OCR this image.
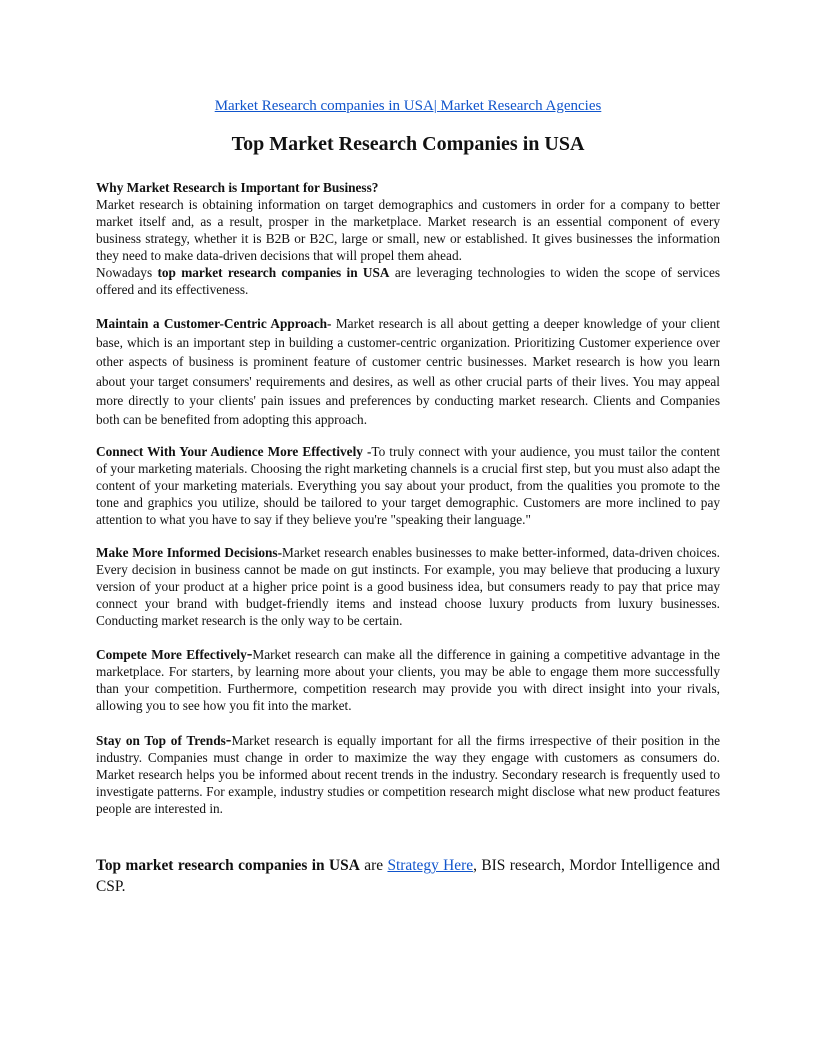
Market Research companies in USA| Market Research Agencies

Top Market Research Companies in USA

Why Market Research is Important for Business?
Market research is obtaining information on target demographics and customers in order for a company to better market itself and, as a result, prosper in the marketplace. Market research is an essential component of every business strategy, whether it is B2B or B2C, large or small, new or established. It gives businesses the information they need to make data-driven decisions that will propel them ahead.
Nowadays top market research companies in USA are leveraging technologies to widen the scope of services offered and its effectiveness.

Maintain a Customer-Centric Approach- Market research is all about getting a deeper knowledge of your client base, which is an important step in building a customer-centric organization. Prioritizing Customer experience over other aspects of business is prominent feature of customer centric businesses. Market research is how you learn about your target consumers' requirements and desires, as well as other crucial parts of their lives. You may appeal more directly to your clients' pain issues and preferences by conducting market research. Clients and Companies both can be benefited from adopting this approach.

Connect With Your Audience More Effectively -To truly connect with your audience, you must tailor the content of your marketing materials. Choosing the right marketing channels is a crucial first step, but you must also adapt the content of your marketing materials. Everything you say about your product, from the qualities you promote to the tone and graphics you utilize, should be tailored to your target demographic. Customers are more inclined to pay attention to what you have to say if they believe you're "speaking their language."

Make More Informed Decisions-Market research enables businesses to make better-informed, data-driven choices. Every decision in business cannot be made on gut instincts. For example, you may believe that producing a luxury version of your product at a higher price point is a good business idea, but consumers ready to pay that price may connect your brand with budget-friendly items and instead choose luxury products from luxury businesses. Conducting market research is the only way to be certain.

Compete More Effectively-Market research can make all the difference in gaining a competitive advantage in the marketplace. For starters, by learning more about your clients, you may be able to engage them more successfully than your competition. Furthermore, competition research may provide you with direct insight into your rivals, allowing you to see how you fit into the market.

Stay on Top of Trends-Market research is equally important for all the firms irrespective of their position in the industry. Companies must change in order to maximize the way they engage with customers as consumers do. Market research helps you be informed about recent trends in the industry. Secondary research is frequently used to investigate patterns. For example, industry studies or competition research might disclose what new product features people are interested in.

Top market research companies in USA are Strategy Here, BIS research, Mordor Intelligence and CSP.
